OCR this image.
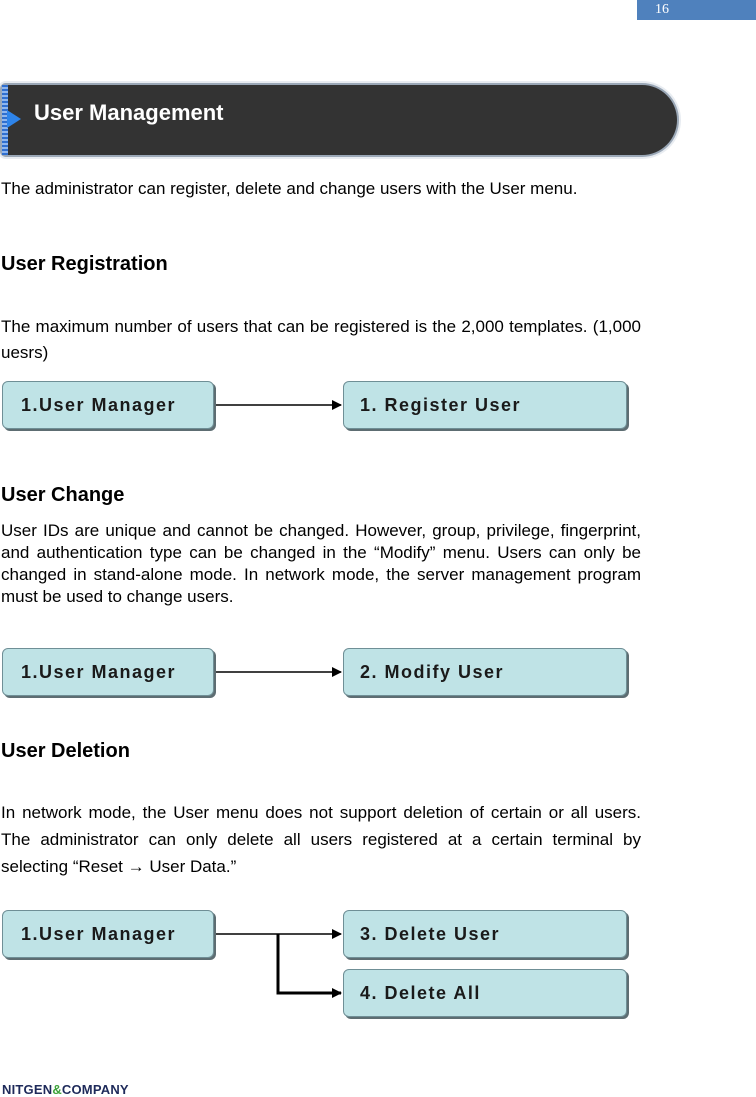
16
User Management
The administrator can register, delete and change users with the User menu.
User Registration
The maximum number of users that can be registered is the 2,000 templates. (1,000 uesrs)
1.User Manager	1. Register User
User Change
User IDs are unique and cannot be changed. However, group, privilege, fingerprint, and authentication type can be changed in the “Modify” menu. Users can only be changed in stand-alone mode. In network mode, the server management program must be used to change users.
1.User Manager	2. Modify User
User Deletion
In network mode, the User menu does not support deletion of certain or all users. The administrator can only delete all users registered at a certain terminal by selecting “Reset → User Data.”
1.User Manager	3. Delete User
4. Delete All
NITGEN&COMPANY
